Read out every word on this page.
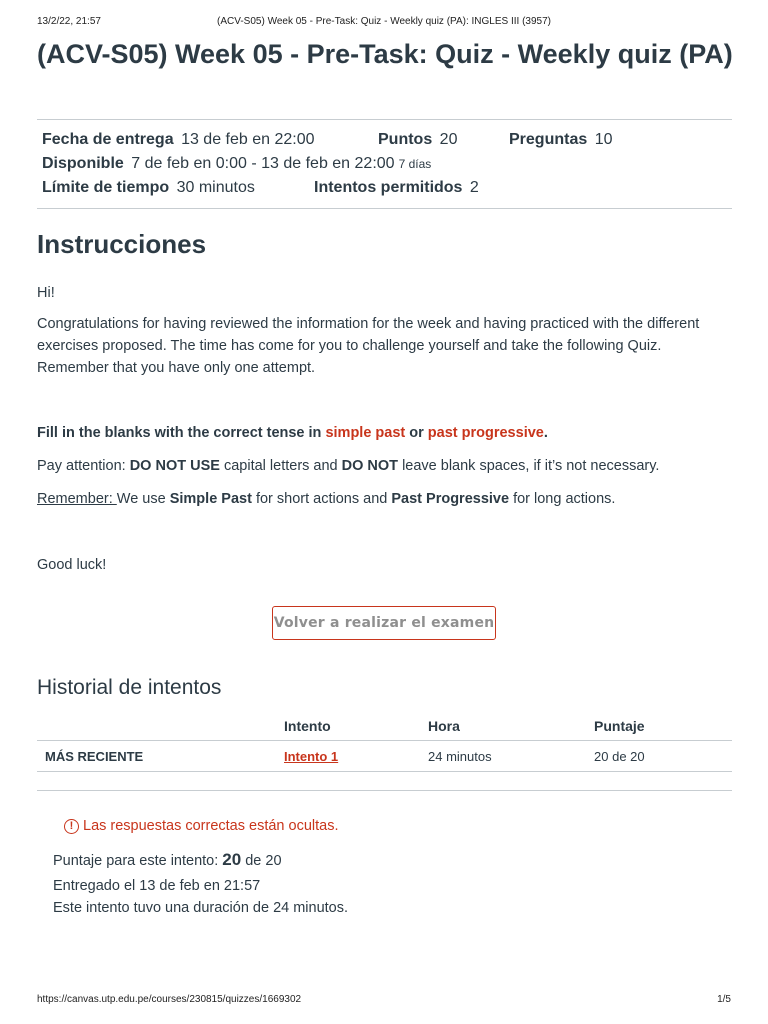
13/2/22, 21:57	(ACV-S05) Week 05 - Pre-Task: Quiz - Weekly quiz (PA): INGLES III (3957)
(ACV-S05) Week 05 - Pre-Task: Quiz - Weekly quiz (PA)
Fecha de entrega 13 de feb en 22:00	Puntos 20	Preguntas 10
Disponible 7 de feb en 0:00 - 13 de feb en 22:00 7 días
Límite de tiempo 30 minutos	Intentos permitidos 2
Instrucciones

Hi!

Congratulations for having reviewed the information for the week and having practiced with the different exercises proposed. The time has come for you to challenge yourself and take the following Quiz. Remember that you have only one attempt.

Fill in the blanks with the correct tense in simple past or past progressive.

Pay attention: DO NOT USE capital letters and DO NOT leave blank spaces, if it’s not necessary.

Remember: We use Simple Past for short actions and Past Progressive for long actions.

Good luck!

Volver a realizar el examen
Historial de intentos
	Intento	Hora	Puntaje
MÁS RECIENTE	Intento 1	24 minutos	20 de 20
! Las respuestas correctas están ocultas.
Puntaje para este intento: 20 de 20
Entregado el 13 de feb en 21:57
Este intento tuvo una duración de 24 minutos.
https://canvas.utp.edu.pe/courses/230815/quizzes/1669302	1/5
